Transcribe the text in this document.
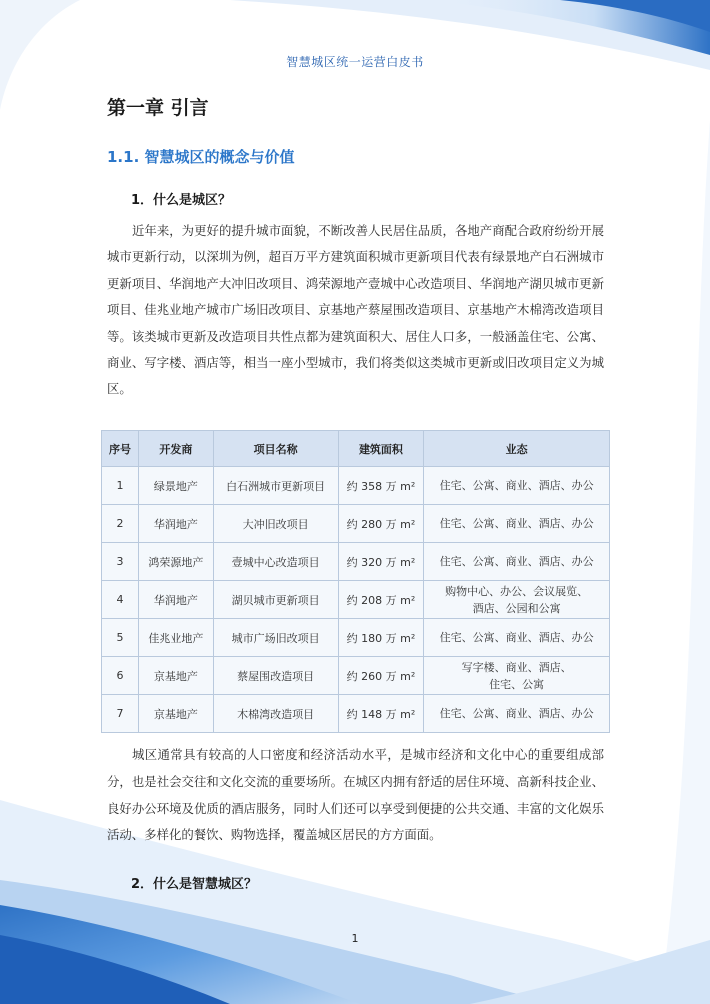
智慧城区统一运营白皮书
第一章 引言
1.1. 智慧城区的概念与价值
1．什么是城区？

近年来，为更好的提升城市面貌，不断改善人民居住品质，各地产商配合政府纷纷开展城市更新行动，以深圳为例，超百万平方建筑面积城市更新项目代表有绿景地产白石洲城市更新项目、华润地产大冲旧改项目、鸿荣源地产壹城中心改造项目、华润地产湖贝城市更新项目、佳兆业地产城市广场旧改项目、京基地产蔡屋围改造项目、京基地产木棉湾改造项目等。该类城市更新及改造项目共性点都为建筑面积大、居住人口多，一般涵盖住宅、公寓、商业、写字楼、酒店等，相当一座小型城市，我们将类似这类城市更新或旧改项目定义为城区。

序号	开发商	项目名称	建筑面积	业态
1	绿景地产	白石洲城市更新项目	约 358 万 m²	住宅、公寓、商业、酒店、办公
2	华润地产	大冲旧改项目	约 280 万 m²	住宅、公寓、商业、酒店、办公
3	鸿荣源地产	壹城中心改造项目	约 320 万 m²	住宅、公寓、商业、酒店、办公
4	华润地产	湖贝城市更新项目	约 208 万 m²	购物中心、办公、会议展览、
酒店、公园和公寓
5	佳兆业地产	城市广场旧改项目	约 180 万 m²	住宅、公寓、商业、酒店、办公
6	京基地产	蔡屋围改造项目	约 260 万 m²	写字楼、商业、酒店、
住宅、公寓
7	京基地产	木棉湾改造项目	约 148 万 m²	住宅、公寓、商业、酒店、办公

城区通常具有较高的人口密度和经济活动水平，是城市经济和文化中心的重要组成部分，也是社会交往和文化交流的重要场所。在城区内拥有舒适的居住环境、高新科技企业、良好办公环境及优质的酒店服务，同时人们还可以享受到便捷的公共交通、丰富的文化娱乐活动、多样化的餐饮、购物选择，覆盖城区居民的方方面面。

2．什么是智慧城区？
1
